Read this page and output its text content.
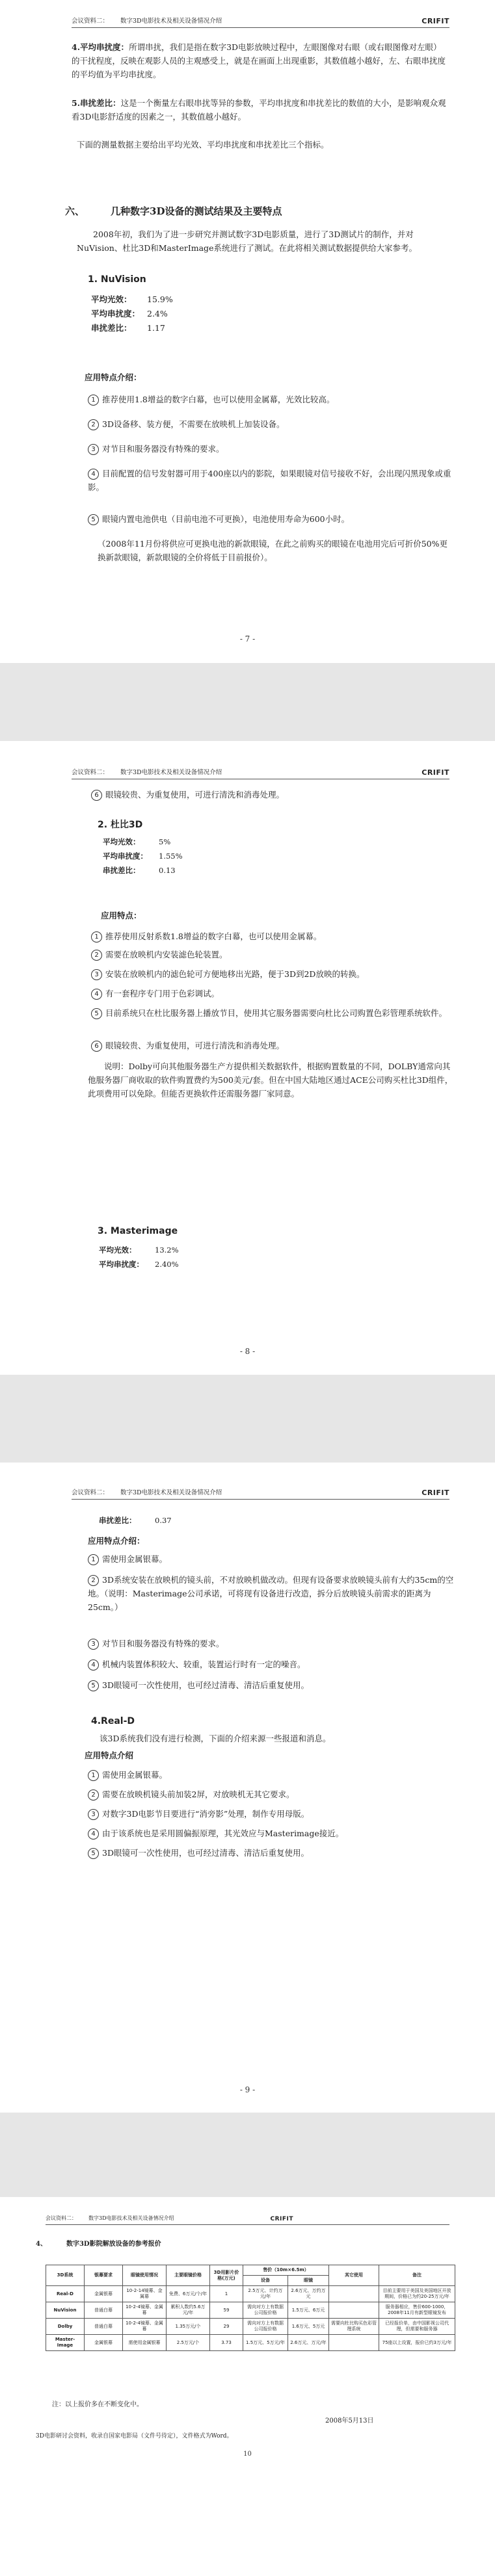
会议资料二： 数字3D电影技术及相关设备情况介绍	CRIFIT
4.平均串扰度：所谓串扰，我们是指在数字3D电影放映过程中，左眼图像对右眼（或右眼图像对左眼）的干扰程度，反映在观影人员的主观感受上，就是在画面上出现重影，其数值越小越好，左、右眼串扰度的平均值为平均串扰度。
5.串扰差比：这是一个衡量左右眼串扰等异的参数，平均串扰度和串扰差比的数值的大小，是影响观众观看3D电影舒适度的因素之一，其数值越小越好。
下面的测量数据主要给出平均光效、平均串扰度和串扰差比三个指标。
六、	几种数字3D设备的测试结果及主要特点
2008年初，我们为了进一步研究并测试数字3D电影质量，进行了3D测试片的制作，并对NuVision、杜比3D和MasterImage系统进行了测试。在此将相关测试数据提供给大家参考。
1. NuVision
平均光效： 15.9%
平均串扰度： 2.4%
串扰差比： 1.17
应用特点介绍：
1 推荐使用1.8增益的数字白幕，也可以使用金属幕，光效比较高。
2 3D设备移、装方便，不需要在放映机上加装设备。
3 对节目和服务器没有特殊的要求。
4 目前配置的信号发射器可用于400座以内的影院，如果眼镜对信号接收不好，会出现闪黑现象或重影。
5 眼镜内置电池供电（目前电池不可更换），电池使用寿命为600小时。
（2008年11月份将供应可更换电池的新款眼镜，在此之前购买的眼镜在电池用完后可折价50%更换新款眼镜，新款眼镜的全价将低于目前报价）。
- 7 -
会议资料二： 数字3D电影技术及相关设备情况介绍	CRIFIT
6 眼镜较贵、为重复使用，可进行清洗和消毒处理。
2. 杜比3D
平均光效： 5%
平均串扰度： 1.55%
串扰差比： 0.13
应用特点：
1 推荐使用反射系数1.8增益的数字白幕，也可以使用金属幕。
2 需要在放映机内安装滤色轮装置。
3 安装在放映机内的滤色轮可方便地移出光路，便于3D到2D放映的转换。
4 有一套程序专门用于色彩调试。
5 目前系统只在杜比服务器上播放节目，使用其它服务器需要向杜比公司购置色彩管理系统软件。
6 眼镜较贵、为重复使用，可进行清洗和消毒处理。
说明：Dolby可向其他服务器生产方提供相关数据软件，根据购置数量的不同，DOLBY通常向其他服务器厂商收取的软件购置费约为500美元/套。但在中国大陆地区通过ACE公司购买杜比3D组件，此项费用可以免除。但能否更换软件还需服务器厂家同意。
3. Masterimage
平均光效： 13.2%
平均串扰度： 2.40%
- 8 -
会议资料二： 数字3D电影技术及相关设备情况介绍	CRIFIT
串扰差比： 0.37
应用特点介绍：
1 需使用金属银幕。
2 3D系统安装在放映机的镜头前，不对放映机做改动。但现有设备要求放映镜头前有大约35cm的空地。（说明：Masterimage公司承诺，可将现有设备进行改造，拆分后放映镜头前需求的距离为25cm。）
3 对节目和服务器没有特殊的要求。
4 机械内装置体积较大、较重，装置运行时有一定的噪音。
5 3D眼镜可一次性使用，也可经过清毒、清洁后重复使用。
4.Real-D
该3D系统我们没有进行检测，下面的介绍来源一些报道和消息。
应用特点介绍
1 需使用金属银幕。
2 需要在放映机镜头前加装2屏，对放映机无其它要求。
3 对数字3D电影节目要进行“消旁影”处理，制作专用母版。
4 由于该系统也是采用圆偏振原理，其光效应与Masterimage接近。
5 3D眼镜可一次性使用，也可经过清毒、清洁后重复使用。
- 9 -
会议资料二： 数字3D电影技术及相关设备情况介绍	CRIFIT
4、	数字3D影院解放设备的参考报价
3D系统	银幕要求	眼镜使用情况	主要眼镜价格	3D用影片价格(万元)	售价（10m×6.5m）		其它使用	备注
					设备	眼镜		
Real-D	金属银幕	10-2-14镜幕、金属幕	免费、6万元/个/年	1	2.5万元、计约万元/年	2.6万元、万约万元		目前主要用于美国及美国地区开放期间，价格已为约20-25万元/年
NuVision	普通白幕	10-2-4镜幕、金属幕	累积人数约5.6万元/年	59	需向对方上有数据公司报价格	1.5万元、6万元		服务器相应，售价600-1000，2008年11月有新型眼镜发布
Dolby	普通白幕	10-2-4镜幕、金属幕	1.35万元/个	29	需向对方上有数据公司报价格	1.6万元、5万元	需要向杜比购买色彩管理系统	已经报价单，由中国影视公司代理，但需要和服务器
Master-Image	金属银幕	需使用金属银幕	2.5万元/个	3.73	1.5万元、5万元/年	2.6万元、万元/年		75座以上设置，报价已约3万元/年
注：以上报价多在不断变化中。
2008年5月13日
3D电影研讨会资料，收录自国家电影局（文件号待定），文件格式为Word。
10
